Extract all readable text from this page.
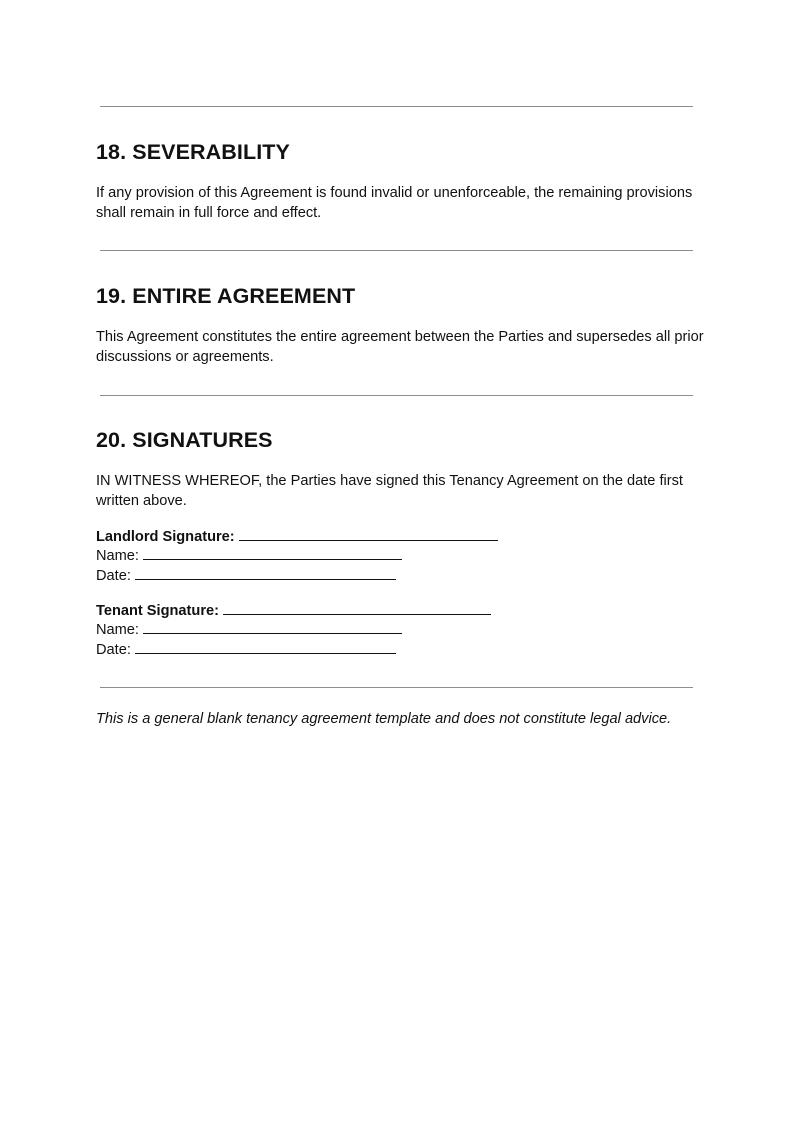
18. SEVERABILITY

If any provision of this Agreement is found invalid or unenforceable, the remaining provisions shall remain in full force and effect.

19. ENTIRE AGREEMENT

This Agreement constitutes the entire agreement between the Parties and supersedes all prior discussions or agreements.

20. SIGNATURES

IN WITNESS WHEREOF, the Parties have signed this Tenancy Agreement on the date first written above.

Landlord Signature:
Name:
Date:
Tenant Signature:
Name:
Date:

This is a general blank tenancy agreement template and does not constitute legal advice.
